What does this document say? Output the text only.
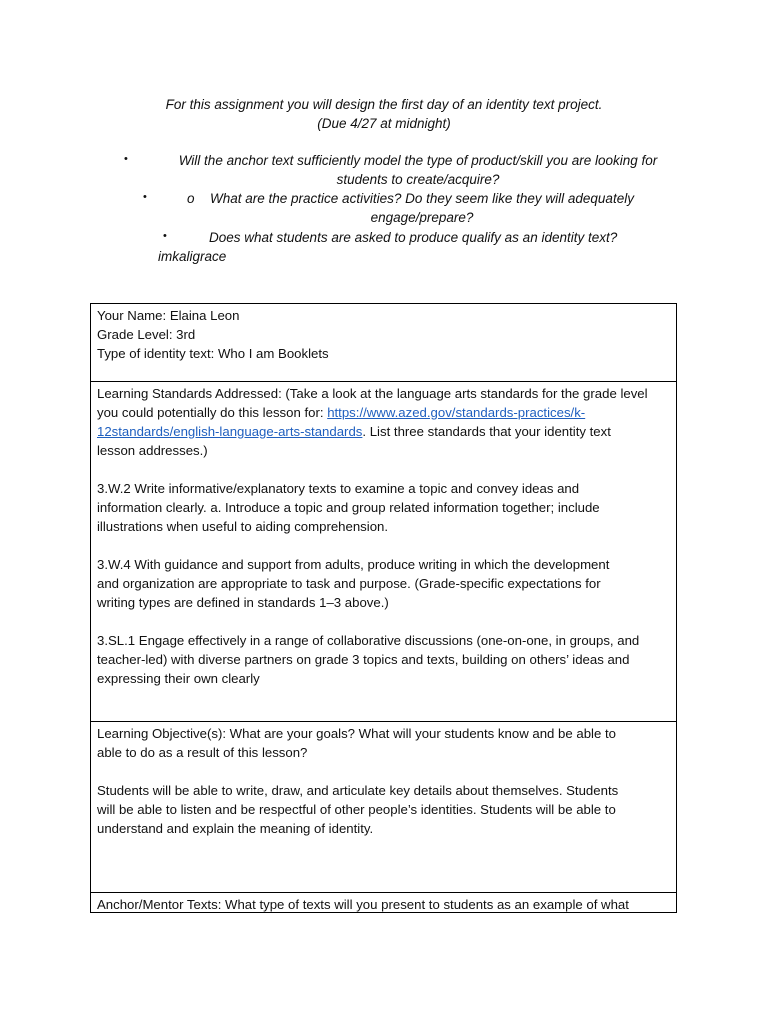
For this assignment you will design the first day of an identity text project.
(Due 4/27 at midnight)
•	Will the anchor text sufficiently model the type of product/skill you are looking for
students to create/acquire?
•	o What are the practice activities? Do they seem like they will adequately
engage/prepare?
•	Does what students are asked to produce qualify as an identity text?
imkaligrace

Your Name: Elaina Leon

Grade Level: 3rd

Type of identity text: Who I am Booklets

Learning Standards Addressed: (Take a look at the language arts standards for the grade level

you could potentially do this lesson for: https://www.azed.gov/standards-practices/k-

12standards/english-language-arts-standards. List three standards that your identity text

lesson addresses.)

3.W.2 Write informative/explanatory texts to examine a topic and convey ideas and

information clearly. a. Introduce a topic and group related information together; include

illustrations when useful to aiding comprehension.

3.W.4 With guidance and support from adults, produce writing in which the development

and organization are appropriate to task and purpose. (Grade-specific expectations for

writing types are defined in standards 1–3 above.)

3.SL.1 Engage effectively in a range of collaborative discussions (one-on-one, in groups, and

teacher-led) with diverse partners on grade 3 topics and texts, building on others’ ideas and

expressing their own clearly

Learning Objective(s): What are your goals? What will your students know and be able to

able to do as a result of this lesson?

Students will be able to write, draw, and articulate key details about themselves. Students

will be able to listen and be respectful of other people’s identities. Students will be able to

understand and explain the meaning of identity.

Anchor/Mentor Texts: What type of texts will you present to students as an example of what
